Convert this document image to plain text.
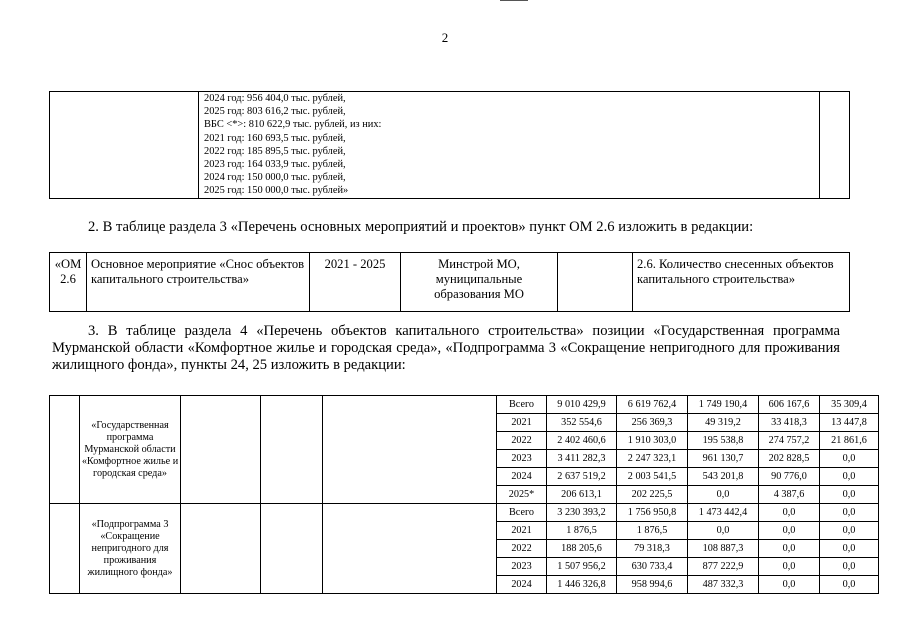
2

2024 год: 956 404,0 тыс. рублей,
2025 год: 803 616,2 тыс. рублей,
ВБС <*>: 810 622,9 тыс. рублей, из них:
2021 год: 160 693,5 тыс. рублей,
2022 год: 185 895,5 тыс. рублей,
2023 год: 164 033,9 тыс. рублей,
2024 год: 150 000,0 тыс. рублей,
2025 год: 150 000,0 тыс. рублей»

2. В таблице раздела 3 «Перечень основных мероприятий и проектов» пункт ОМ 2.6 изложить в редакции:
«ОМ 2.6	Основное мероприятие «Снос объектов капитального строительства»	2021 - 2025	Минстрой МО, муниципальные образования МО		2.6. Количество снесенных объектов капитального строительства»
3. В таблице раздела 4 «Перечень объектов капитального строительства» позиции «Государственная программа Мурманской области «Комфортное жилье и городская среда», «Подпрограмма 3 «Сокращение непригодного для проживания жилищного фонда», пункты 24, 25 изложить в редакции:
	«Государственная программа Мурманской области «Комфортное жилье и городская среда»				Всего	9 010 429,9	6 619 762,4	1 749 190,4	606 167,6	35 309,4
					2021	352 554,6	256 369,3	49 319,2	33 418,3	13 447,8
					2022	2 402 460,6	1 910 303,0	195 538,8	274 757,2	21 861,6
					2023	3 411 282,3	2 247 323,1	961 130,7	202 828,5	0,0
					2024	2 637 519,2	2 003 541,5	543 201,8	90 776,0	0,0
					2025*	206 613,1	202 225,5	0,0	4 387,6	0,0
	«Подпрограмма 3 «Сокращение непригодного для проживания жилищного фонда»				Всего	3 230 393,2	1 756 950,8	1 473 442,4	0,0	0,0
					2021	1 876,5	1 876,5	0,0	0,0	0,0
					2022	188 205,6	79 318,3	108 887,3	0,0	0,0
					2023	1 507 956,2	630 733,4	877 222,9	0,0	0,0
					2024	1 446 326,8	958 994,6	487 332,3	0,0	0,0
